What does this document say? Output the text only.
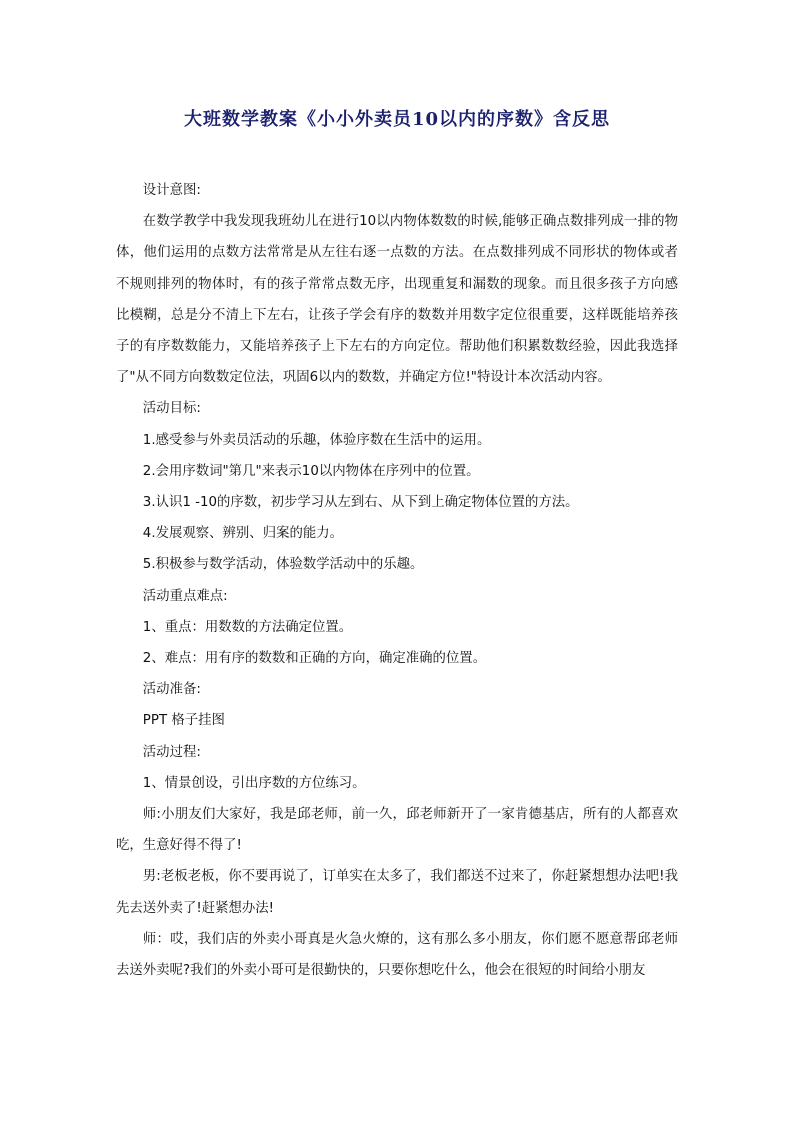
大班数学教案《小小外卖员10以内的序数》含反思

设计意图:

在数学教学中我发现我班幼儿在进行10以内物体数数的时候,能够正确点数排列成一排的物体，他们运用的点数方法常常是从左往右逐一点数的方法。在点数排列成不同形状的物体或者不规则排列的物体时，有的孩子常常点数无序，出现重复和漏数的现象。而且很多孩子方向感比模糊，总是分不清上下左右，让孩子学会有序的数数并用数字定位很重要，这样既能培养孩子的有序数数能力，又能培养孩子上下左右的方向定位。帮助他们积累数数经验，因此我选择了"从不同方向数数定位法，巩固6以内的数数，并确定方位!"特设计本次活动内容。

活动目标:

1.感受参与外卖员活动的乐趣，体验序数在生活中的运用。

2.会用序数词"第几"来表示10以内物体在序列中的位置。

3.认识1 -10的序数，初步学习从左到右、从下到上确定物体位置的方法。

4.发展观察、辨别、归案的能力。

5.积极参与数学活动，体验数学活动中的乐趣。

活动重点难点:

1、重点：用数数的方法确定位置。

2、难点：用有序的数数和正确的方向，确定准确的位置。

活动准备:

PPT 格子挂图

活动过程:

1、情景创设，引出序数的方位练习。

师:小朋友们大家好，我是邱老师，前一久，邱老师新开了一家肯德基店，所有的人都喜欢吃，生意好得不得了!

男:老板老板，你不要再说了，订单实在太多了，我们都送不过来了，你赶紧想想办法吧!我先去送外卖了!赶紧想办法!

师：哎，我们店的外卖小哥真是火急火燎的，这有那么多小朋友，你们愿不愿意帮邱老师去送外卖呢?我们的外卖小哥可是很勤快的，只要你想吃什么，他会在很短的时间给小朋友
